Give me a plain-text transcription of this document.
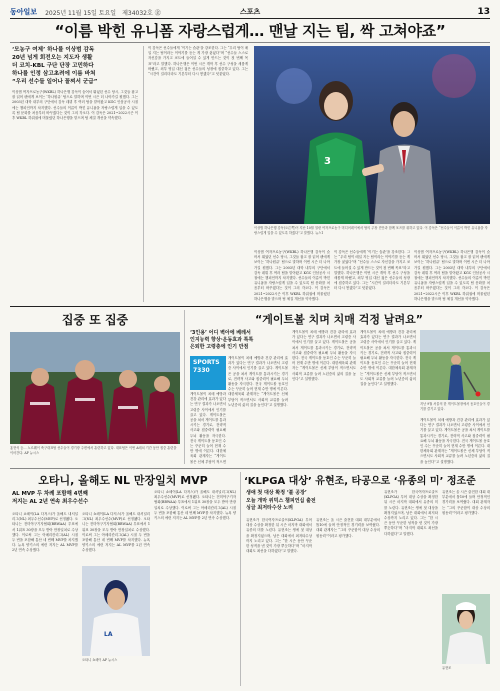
동아일보 2025년 11월 15일 토요일 제34032호 ㊎	스포츠	13
“이름 박힌 유니폼 자랑스럽게… 맨날 지는 팀, 싹 고쳐야죠”
‘모농구 여제’ 하나를 이상범 감독
20년 넘게 회전오는 지도자 생활
더 코치-KBL 구단 단장 고민하다
하나를 인정 삼고초려에 이름 바쳐
“우리 선수들 일어나 꼴찌서 군급”

이상범 여자프로농구(WKBL) 하나은행 감독이 숨어서 뛰었던 선수 당시, 그것들 잡고 잘 읽어 팬에게 보이는 ‘하나원큐’ 팀으로 말하며 이번 시즌 더 나아가길 원했다. 그는 2003년 대학 내부의 구단에서 감독 데뷔 후 여러 팀을 맡아왔고 KGC 인삼공사 시절에는 챔피언까지 차지했다. 선수들의 이름이 박힌 유니폼을 자랑스럽게 입을 수 있도록 팀 문화를 처음부터 바꾸겠다는 것이 그의 각오다. 이 감독은 2021~2022시즌 이후 WKBL 하위권에 머물렀던 하나은행을 맡으며 팀 체질 개선을 약속했다.

이 감독은 선수들에게 ‘이기는 습관’을 강조한다. 그는 “우리 팀이 매일 지는 팀이라는 이야기를 듣는 게 가장 싫었다”며 “선수들 스스로 자신감을 가지고 코트에 들어설 수 있게 만드는 것이 첫 번째 목표”라고 말했다. 하나은행은 이번 시즌 개막 후 선수 구성을 새롭게 바꿨고, 외부 영입 대신 젊은 선수들의 성장에 집중하고 있다. 그는 “시간이 걸리더라도 기본부터 다시 쌓겠다”고 덧붙였다.

3
이상범 하나은행 감독(오른쪽)이 지난 10월 열린 여자프로농구 미디어데이에서 팀의 주장 진안과 함께 포즈를 취하고 있다. 이 감독은 “선수들이 이름이 박힌 유니폼을 자랑스럽게 입을 수 있도록 하겠다”고 말했다. 뉴스1

이상범 여자프로농구(WKBL) 하나은행 감독이 숨어서 뛰었던 선수 당시, 그것들 잡고 잘 읽어 팬에게 보이는 ‘하나원큐’ 팀으로 말하며 이번 시즌 더 나아가길 원했다. 그는 2003년 대학 내부의 구단에서 감독 데뷔 후 여러 팀을 맡아왔고 KGC 인삼공사 시절에는 챔피언까지 차지했다. 선수들의 이름이 박힌 유니폼을 자랑스럽게 입을 수 있도록 팀 문화를 처음부터 바꾸겠다는 것이 그의 각오다. 이 감독은 2021~2022시즌 이후 WKBL 하위권에 머물렀던 하나은행을 맡으며 팀 체질 개선을 약속했다.

이 감독은 선수들에게 ‘이기는 습관’을 강조한다. 그는 “우리 팀이 매일 지는 팀이라는 이야기를 듣는 게 가장 싫었다”며 “선수들 스스로 자신감을 가지고 코트에 들어설 수 있게 만드는 것이 첫 번째 목표”라고 말했다. 하나은행은 이번 시즌 개막 후 선수 구성을 새롭게 바꿨고, 외부 영입 대신 젊은 선수들의 성장에 집중하고 있다. 그는 “시간이 걸리더라도 기본부터 다시 쌓겠다”고 덧붙였다.

이상범 여자프로농구(WKBL) 하나은행 감독이 숨어서 뛰었던 선수 당시, 그것들 잡고 잘 읽어 팬에게 보이는 ‘하나원큐’ 팀으로 말하며 이번 시즌 더 나아가길 원했다. 그는 2003년 대학 내부의 구단에서 감독 데뷔 후 여러 팀을 맡아왔고 KGC 인삼공사 시절에는 챔피언까지 차지했다. 선수들의 이름이 박힌 유니폼을 자랑스럽게 입을 수 있도록 팀 문화를 처음부터 바꾸겠다는 것이 그의 각오다. 이 감독은 2021~2022시즌 이후 WKBL 하위권에 머물렀던 하나은행을 맡으며 팀 체질 개선을 약속했다.

집중 또 집중
홍현석 등… 노르웨이 축구대표팀 선수들이 경기장 주변에서 훈련하고 있다. 대표팀은 이번 A매치 기간 동안 집중 훈련을 이어간다. AP 뉴시스
“게이트볼 치며 치매 걱정 날려요”
‘3인용’ 어디 벽아에 베레서
인지능력 향상·운동효과 톡톡
은퇴한 고령층에 인기 만점
SPORTS 7330

게이트볼이 치매 예방과 건강 관리에 효과가 있다는 연구 결과가 나오면서 고령층 사이에서 인기를 끌고 있다. 게이트볼은 공을 쳐서 게이트를 통과시키는 경기로, 전략적 사고와 집중력이 필요해 두뇌 활동을 자극한다. 전국 게이트볼 동호인 수는 꾸준히 늘어 현재 수만 명에 이른다. 대한체육회 관계자는 “게이트볼은 신체 부담이 적으면서도 사회적 교류를 늘려 노년층의 삶의 질을 높인다”고 설명했다.

게이트볼이 치매 예방과 건강 관리에 효과가 있다는 연구 결과가 나오면서 고령층 사이에서 인기를 끌고 있다. 게이트볼은 공을 쳐서 게이트를 통과시키는 경기로, 전략적 사고와 집중력이 필요해 두뇌 활동을 자극한다. 전국 게이트볼 동호인 수는 꾸준히 늘어 현재 수만 명에 이른다. 대한체육회 관계자는 “게이트볼은 신체 부담이 적으면

게이트볼이 치매 예방과 건강 관리에 효과가 있다는 연구 결과가 나오면서 고령층 사이에서 인기를 끌고 있다. 게이트볼은 공을 쳐서 게이트를 통과시키는 경기로, 전략적 사고와 집중력이 필요해 두뇌 활동을 자극한다. 전국 게이트볼 동호인 수는 꾸준히 늘어 현재 수만 명에 이른다. 대한체육회 관계자는 “게이트볼은 신체 부담이 적으면서도 사회적 교류를 늘려 노년층의 삶의 질을 높인다”고 설명했다.

게이트볼이 치매 예방과 건강 관리에 효과가 있다는 연구 결과가 나오면서 고령층 사이에서 인기를 끌고 있다. 게이트볼은 공을 쳐서 게이트를 통과시키는 경기로, 전략적 사고와 집중력이 필요해 두뇌 활동을 자극한다. 전국 게이트볼 동호인 수는 꾸준히 늘어 현재 수만 명에 이른다. 대한체육회 관계자는 “게이트볼은 신체 부담이 적으면서도 사회적 교류를 늘려 노년층의 삶의 질을 높인다”고 설명했다.

지난 9월 서울의 한 게이트볼장에서 동호인들이 경기를 즐기고 있다.

게이트볼이 치매 예방과 건강 관리에 효과가 있다는 연구 결과가 나오면서 고령층 사이에서 인기를 끌고 있다. 게이트볼은 공을 쳐서 게이트를 통과시키는 경기로, 전략적 사고와 집중력이 필요해 두뇌 활동을 자극한다. 전국 게이트볼 동호인 수는 꾸준히 늘어 현재 수만 명에 이른다. 대한체육회 관계자는 “게이트볼은 신체 부담이 적으면서도 사회적 교류를 늘려 노년층의 삶의 질을 높인다”고 설명했다.

오타니, 올해도 NL 만장일치 MVP
AL MVP 두 차례 포함해 4번째
저지는 AL 2년 연속 최우수선수

오타니 쇼헤이(LA 다저스)가 올해도 내셔널리그(NL) 최우수선수(MVP)로 선정됐다. 오타니는 전미야구기자협회(BBWAA) 투표에서 1위표 30장을 모두 받아 만장일치로 수상했다. 이로써 그는 아메리칸리그(AL) 시절 두 번을 포함해 통산 네 번째 MVP를 차지했다. 뉴욕 양키스의 에런 저지는 AL MVP를 2년 연속 수상했다.

오타니 쇼헤이(LA 다저스)가 올해도 내셔널리그(NL) 최우수선수(MVP)로 선정됐다. 오타니는 전미야구기자협회(BBWAA) 투표에서 1위표 30장을 모두 받아 만장일치로 수상했다. 이로써 그는 아메리칸리그(AL) 시절 두 번을 포함해 통산 네 번째 MVP를 차지했다. 뉴욕 양키스의 에런 저지는 AL MVP를 2년 연속 수상했다.

LA
오타니 쇼헤이 AP 뉴시스

오타니 쇼헤이(LA 다저스)가 올해도 내셔널리그(NL) 최우수선수(MVP)로 선정됐다. 오타니는 전미야구기자협회(BBWAA) 투표에서 1위표 30장을 모두 받아 만장일치로 수상했다. 이로써 그는 아메리칸리그(AL) 시절 두 번을 포함해 통산 네 번째 MVP를 차지했다. 뉴욕 양키스의 에런 저지는 AL MVP를 2년 연속 수상했다.

‘KLPGA 대상’ 유현조, 타공으로 ‘유종의 미’ 정조준
생애 첫 대상 확정 ‘불 공장’
오늘 개막 위믹스 챔피언십 출전
싱글 최저타수상 노려

유현조가 한국여자프로골프(KLPGA) 투어 대상 수상을 확정한 뒤 시즌 마지막 대회에서 유종의 미를 노린다. 유현조는 생애 첫 대상을 확정지었으며, 남은 대회에서 최저타수상까지 노리고 있다. 그는 “한 시즌 동안 꾸준한 성적을 낸 것이 가장 뿌듯하다”며 “마지막 대회도 최선을 다하겠다”고 말했다.

유현조는 올 시즌 출전한 대회 대부분에서 톱10에 들며 안정적인 경기력을 보여줬다. 대회 관계자는 “그의 꾸준함이 대상 수상의 원동력”이라고 평가했다.

유현조가 한국여자프로골프(KLPGA) 투어 대상 수상을 확정한 뒤 시즌 마지막 대회에서 유종의 미를 노린다. 유현조는 생애 첫 대상을 확정지었으며, 남은 대회에서 최저타수상까지 노리고 있다. 그는 “한 시즌 동안 꾸준한 성적을 낸 것이 가장 뿌듯하다”며 “마지막 대회도 최선을 다하겠다”고 말했다.

유현조는 올 시즌 출전한 대회 대부분에서 톱10에 들며 안정적인 경기력을 보여줬다. 대회 관계자는 “그의 꾸준함이 대상 수상의 원동력”이라고 평가했다.

유현조
